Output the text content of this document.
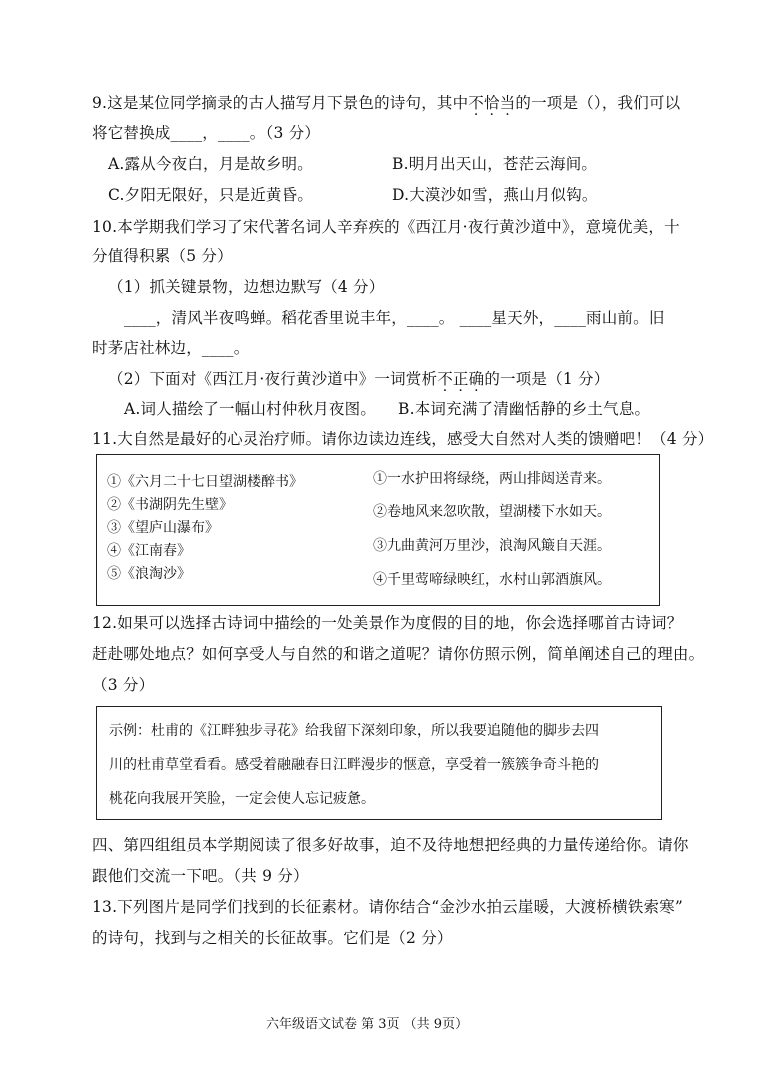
9.这是某位同学摘录的古人描写月下景色的诗句，其中不恰当的一项是（），我们可以
将它替换成____，____。（3 分）
A.露从今夜白，月是故乡明。	B.明月出天山，苍茫云海间。
C.夕阳无限好，只是近黄昏。	D.大漠沙如雪，燕山月似钩。
10.本学期我们学习了宋代著名词人辛弃疾的《西江月·夜行黄沙道中》，意境优美，十
分值得积累（5 分）
（1）抓关键景物，边想边默写（4 分）
____，清风半夜鸣蝉。稻花香里说丰年，____。 ____星天外，____雨山前。旧
时茅店社林边，____。
（2）下面对《西江月·夜行黄沙道中》一词赏析不正确的一项是（1 分）
A.词人描绘了一幅山村仲秋月夜图。 B.本词充满了清幽恬静的乡土气息。
11.大自然是最好的心灵治疗师。请你边读边连线，感受大自然对人类的馈赠吧！（4 分）
①《六月二十七日望湖楼醉书》
②《书湖阴先生壁》
③《望庐山瀑布》
④《江南春》
⑤《浪淘沙》
①一水护田将绿绕，两山排闼送青来。
②卷地风来忽吹散，望湖楼下水如天。
③九曲黄河万里沙，浪淘风簸自天涯。
④千里莺啼绿映红，水村山郭酒旗风。
12.如果可以选择古诗词中描绘的一处美景作为度假的目的地，你会选择哪首古诗词？
赶赴哪处地点？如何享受人与自然的和谐之道呢？请你仿照示例，简单阐述自己的理由。
（3 分）
示例：杜甫的《江畔独步寻花》给我留下深刻印象，所以我要追随他的脚步去四
川的杜甫草堂看看。感受着融融春日江畔漫步的惬意，享受着一簇簇争奇斗艳的
桃花向我展开笑脸，一定会使人忘记疲惫。
四、第四组组员本学期阅读了很多好故事，迫不及待地想把经典的力量传递给你。请你
跟他们交流一下吧。（共 9 分）
13.下列图片是同学们找到的长征素材。请你结合“金沙水拍云崖暖，大渡桥横铁索寒”
的诗句，找到与之相关的长征故事。它们是（2 分）
六年级语文试卷 第 3页 （共 9页）
